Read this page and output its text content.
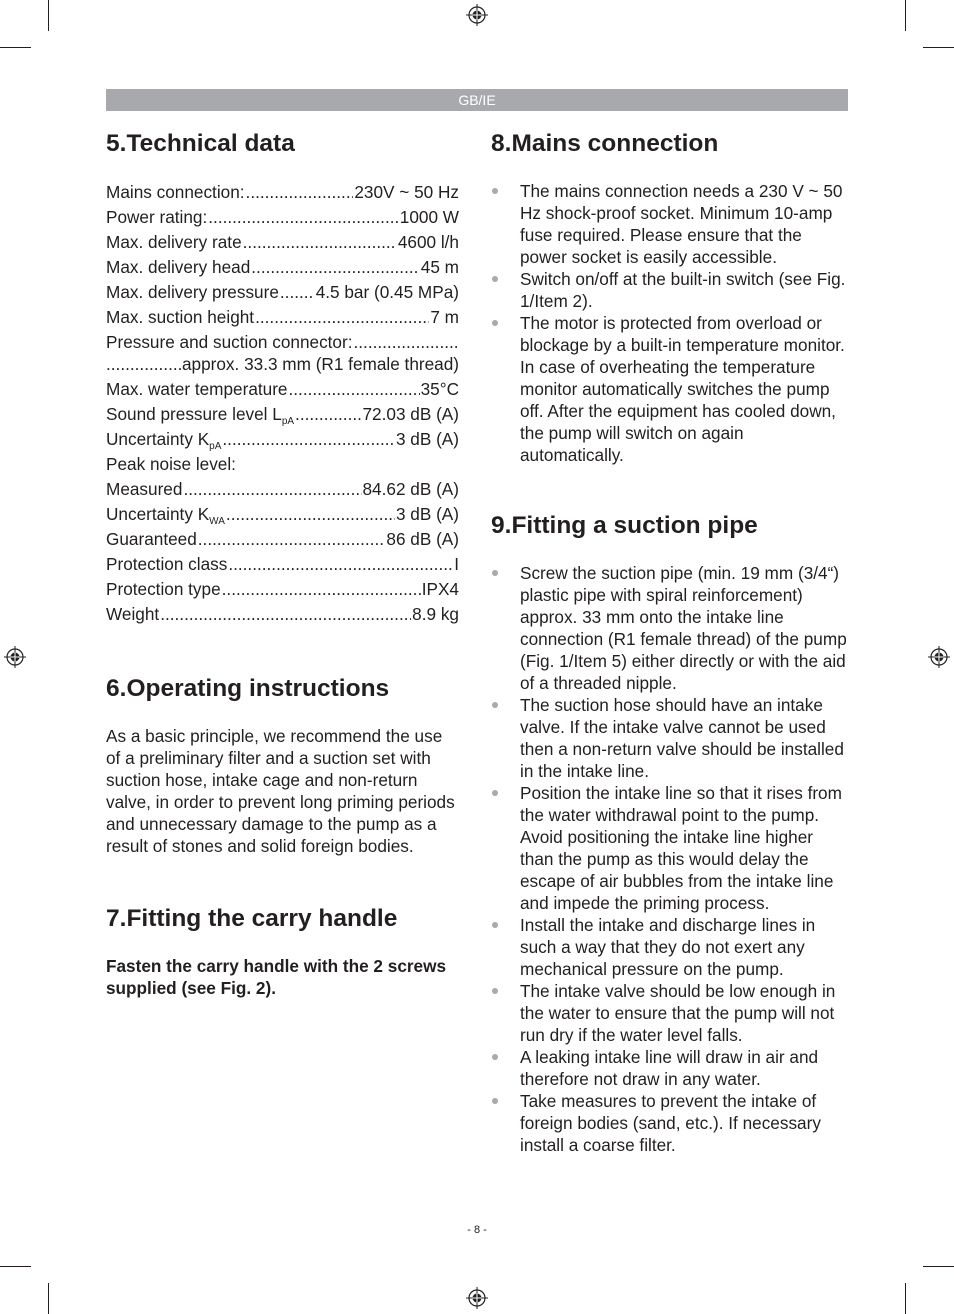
GB/IE
5.Technical data
Mains connection: .....	230V ~ 50 Hz
Power rating: .....	1000 W
Max. delivery rate .....	4600 l/h
Max. delivery head .....	45 m
Max. delivery pressure ..... 4.5 bar (0.45 MPa)
Max. suction height .....	7 m
Pressure and suction connector:
.....
.....
approx. 33.3 mm (R1 female thread)
Max. water temperature .....	35°C
Sound pressure level $L_{pA}$ .....	72.03 dB (A)
Uncertainty $K_{pA}$ .....	3 dB (A)
Peak noise level:
Measured .....	84.62 dB (A)
Uncertainty $K_{WA}$ .....	3 dB (A)
Guaranteed .....	86 dB (A)
Protection class .....	I
Protection type .....	IPX4
Weight .....	8.9 kg
6.Operating instructions

As a basic principle, we recommend the use of a preliminary filter and a suction set with suction hose, intake cage and non-return valve, in order to prevent long priming periods and unnecessary damage to the pump as a result of stones and solid foreign bodies.

7.Fitting the carry handle

Fasten the carry handle with the 2 screws supplied (see Fig. 2).

8.Mains connection
The mains connection needs a 230 V ~ 50 Hz shock-proof socket. Minimum 10-amp fuse required. Please ensure that the power socket is easily accessible.
Switch on/off at the built-in switch (see Fig. 1/Item 2).
The motor is protected from overload or blockage by a built-in temperature monitor. In case of overheating the temperature monitor automatically switches the pump off. After the equipment has cooled down, the pump will switch on again automatically.
9.Fitting a suction pipe
Screw the suction pipe (min. 19 mm (3/4“) plastic pipe with spiral reinforcement) approx. 33 mm onto the intake line connection (R1 female thread) of the pump (Fig. 1/Item 5) either directly or with the aid of a threaded nipple.
The suction hose should have an intake valve. If the intake valve cannot be used then a non-return valve should be installed in the intake line.
Position the intake line so that it rises from the water withdrawal point to the pump. Avoid positioning the intake line higher than the pump as this would delay the escape of air bubbles from the intake line and impede the priming process.
Install the intake and discharge lines in such a way that they do not exert any mechanical pressure on the pump.
The intake valve should be low enough in the water to ensure that the pump will not run dry if the water level falls.
A leaking intake line will draw in air and therefore not draw in any water.
Take measures to prevent the intake of foreign bodies (sand, etc.). If necessary install a coarse filter.
- 8 -
